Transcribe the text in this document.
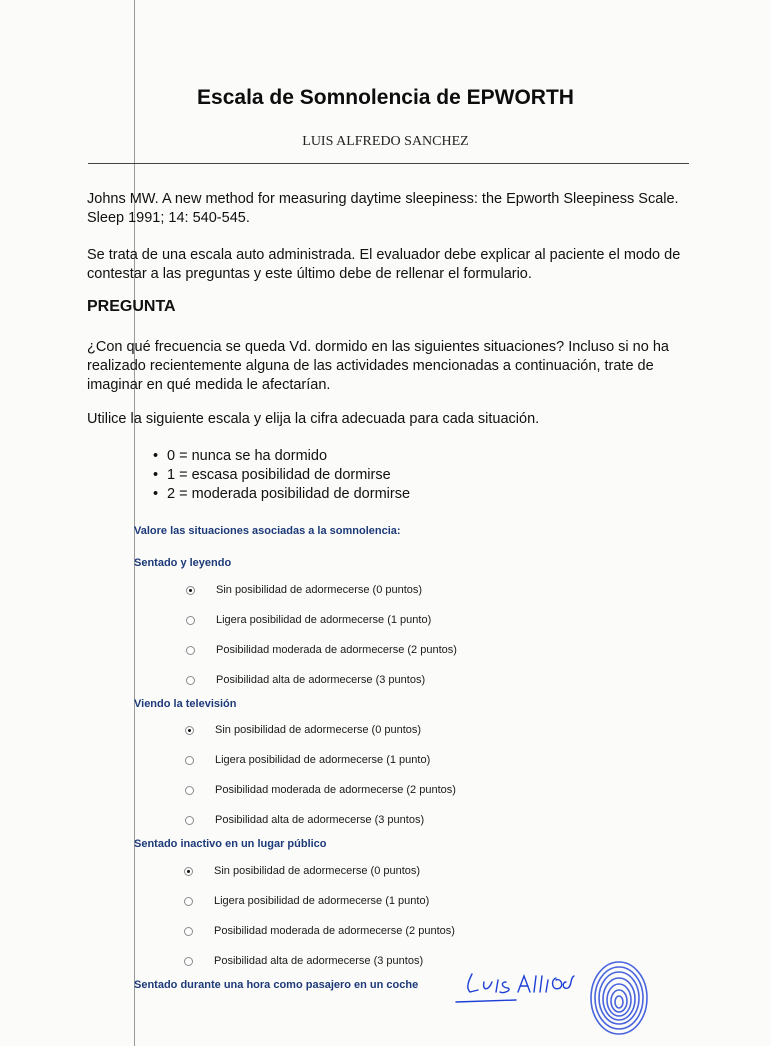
Escala de Somnolencia de EPWORTH
LUIS ALFREDO SANCHEZ
Johns MW. A new method for measuring daytime sleepiness: the Epworth Sleepiness Scale. Sleep 1991; 14: 540-545.
Se trata de una escala auto administrada. El evaluador debe explicar al paciente el modo de contestar a las preguntas y este último debe de rellenar el formulario.
PREGUNTA
¿Con qué frecuencia se queda Vd. dormido en las siguientes situaciones? Incluso si no ha realizado recientemente alguna de las actividades mencionadas a continuación, trate de imaginar en qué medida le afectarían.
Utilice la siguiente escala y elija la cifra adecuada para cada situación.
• 0 = nunca se ha dormido
• 1 = escasa posibilidad de dormirse
• 2 = moderada posibilidad de dormirse
Valore las situaciones asociadas a la somnolencia:
Sentado y leyendo
Sin posibilidad de adormecerse (0 puntos)
Ligera posibilidad de adormecerse (1 punto)
Posibilidad moderada de adormecerse (2 puntos)
Posibilidad alta de adormecerse (3 puntos)
Viendo la televisión
Sin posibilidad de adormecerse (0 puntos)
Ligera posibilidad de adormecerse (1 punto)
Posibilidad moderada de adormecerse (2 puntos)
Posibilidad alta de adormecerse (3 puntos)
Sentado inactivo en un lugar público
Sin posibilidad de adormecerse (0 puntos)
Ligera posibilidad de adormecerse (1 punto)
Posibilidad moderada de adormecerse (2 puntos)
Posibilidad alta de adormecerse (3 puntos)
Sentado durante una hora como pasajero en un coche
